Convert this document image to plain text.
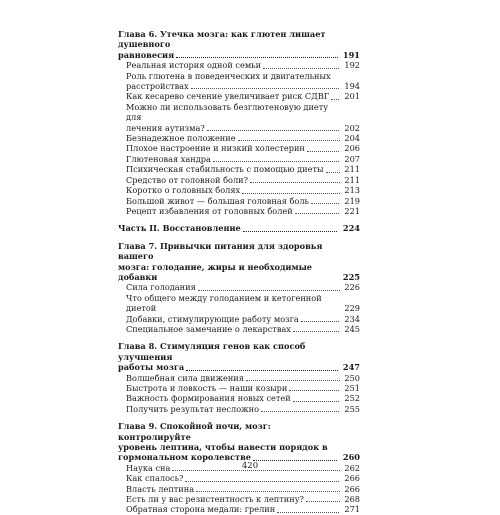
Глава 6. Утечка мозга: как глютен лишает душевного
равновесия	191
Реальная история одной семьи	192
Роль глютена в поведенческих и двигательных
расстройствах	194
Как кесарево сечение увеличивает риск СДВГ	201
Можно ли использовать безглютеновую диету для
лечения аутизма?	202
Безнадежное положение	204
Плохое настроение и низкий холестерин	206
Глютеновая хандра	207
Психическая стабильность с помощью диеты	211
Средство от головной боли?	211
Коротко о головных болях	213
Большой живот — большая головная боль	219
Рецепт избавления от головных болей	221
Часть II. Восстановление	224
Глава 7. Привычки питания для здоровья вашего
мозга: голодание, жиры и необходимые добавки	225
Сила голодания	226
Что общего между голоданием и кетогенной диетой	229
Добавки, стимулирующие работу мозга	234
Специальное замечание о лекарствах	245
Глава 8. Стимуляция генов как способ улучшения
работы мозга	247
Волшебная сила движения	250
Быстрота и ловкость — наши козыри	251
Важность формирования новых сетей	252
Получить результат несложно	255
Глава 9. Спокойной ночи, мозг: контролируйте
уровень лептина, чтобы навести порядок в
гормональном королевстве	260
Наука сна	262
Как спалось?	266
Власть лептина	266
Есть ли у вас резистентность к лептину?	268
Обратная сторона медали: грелин	271
420
